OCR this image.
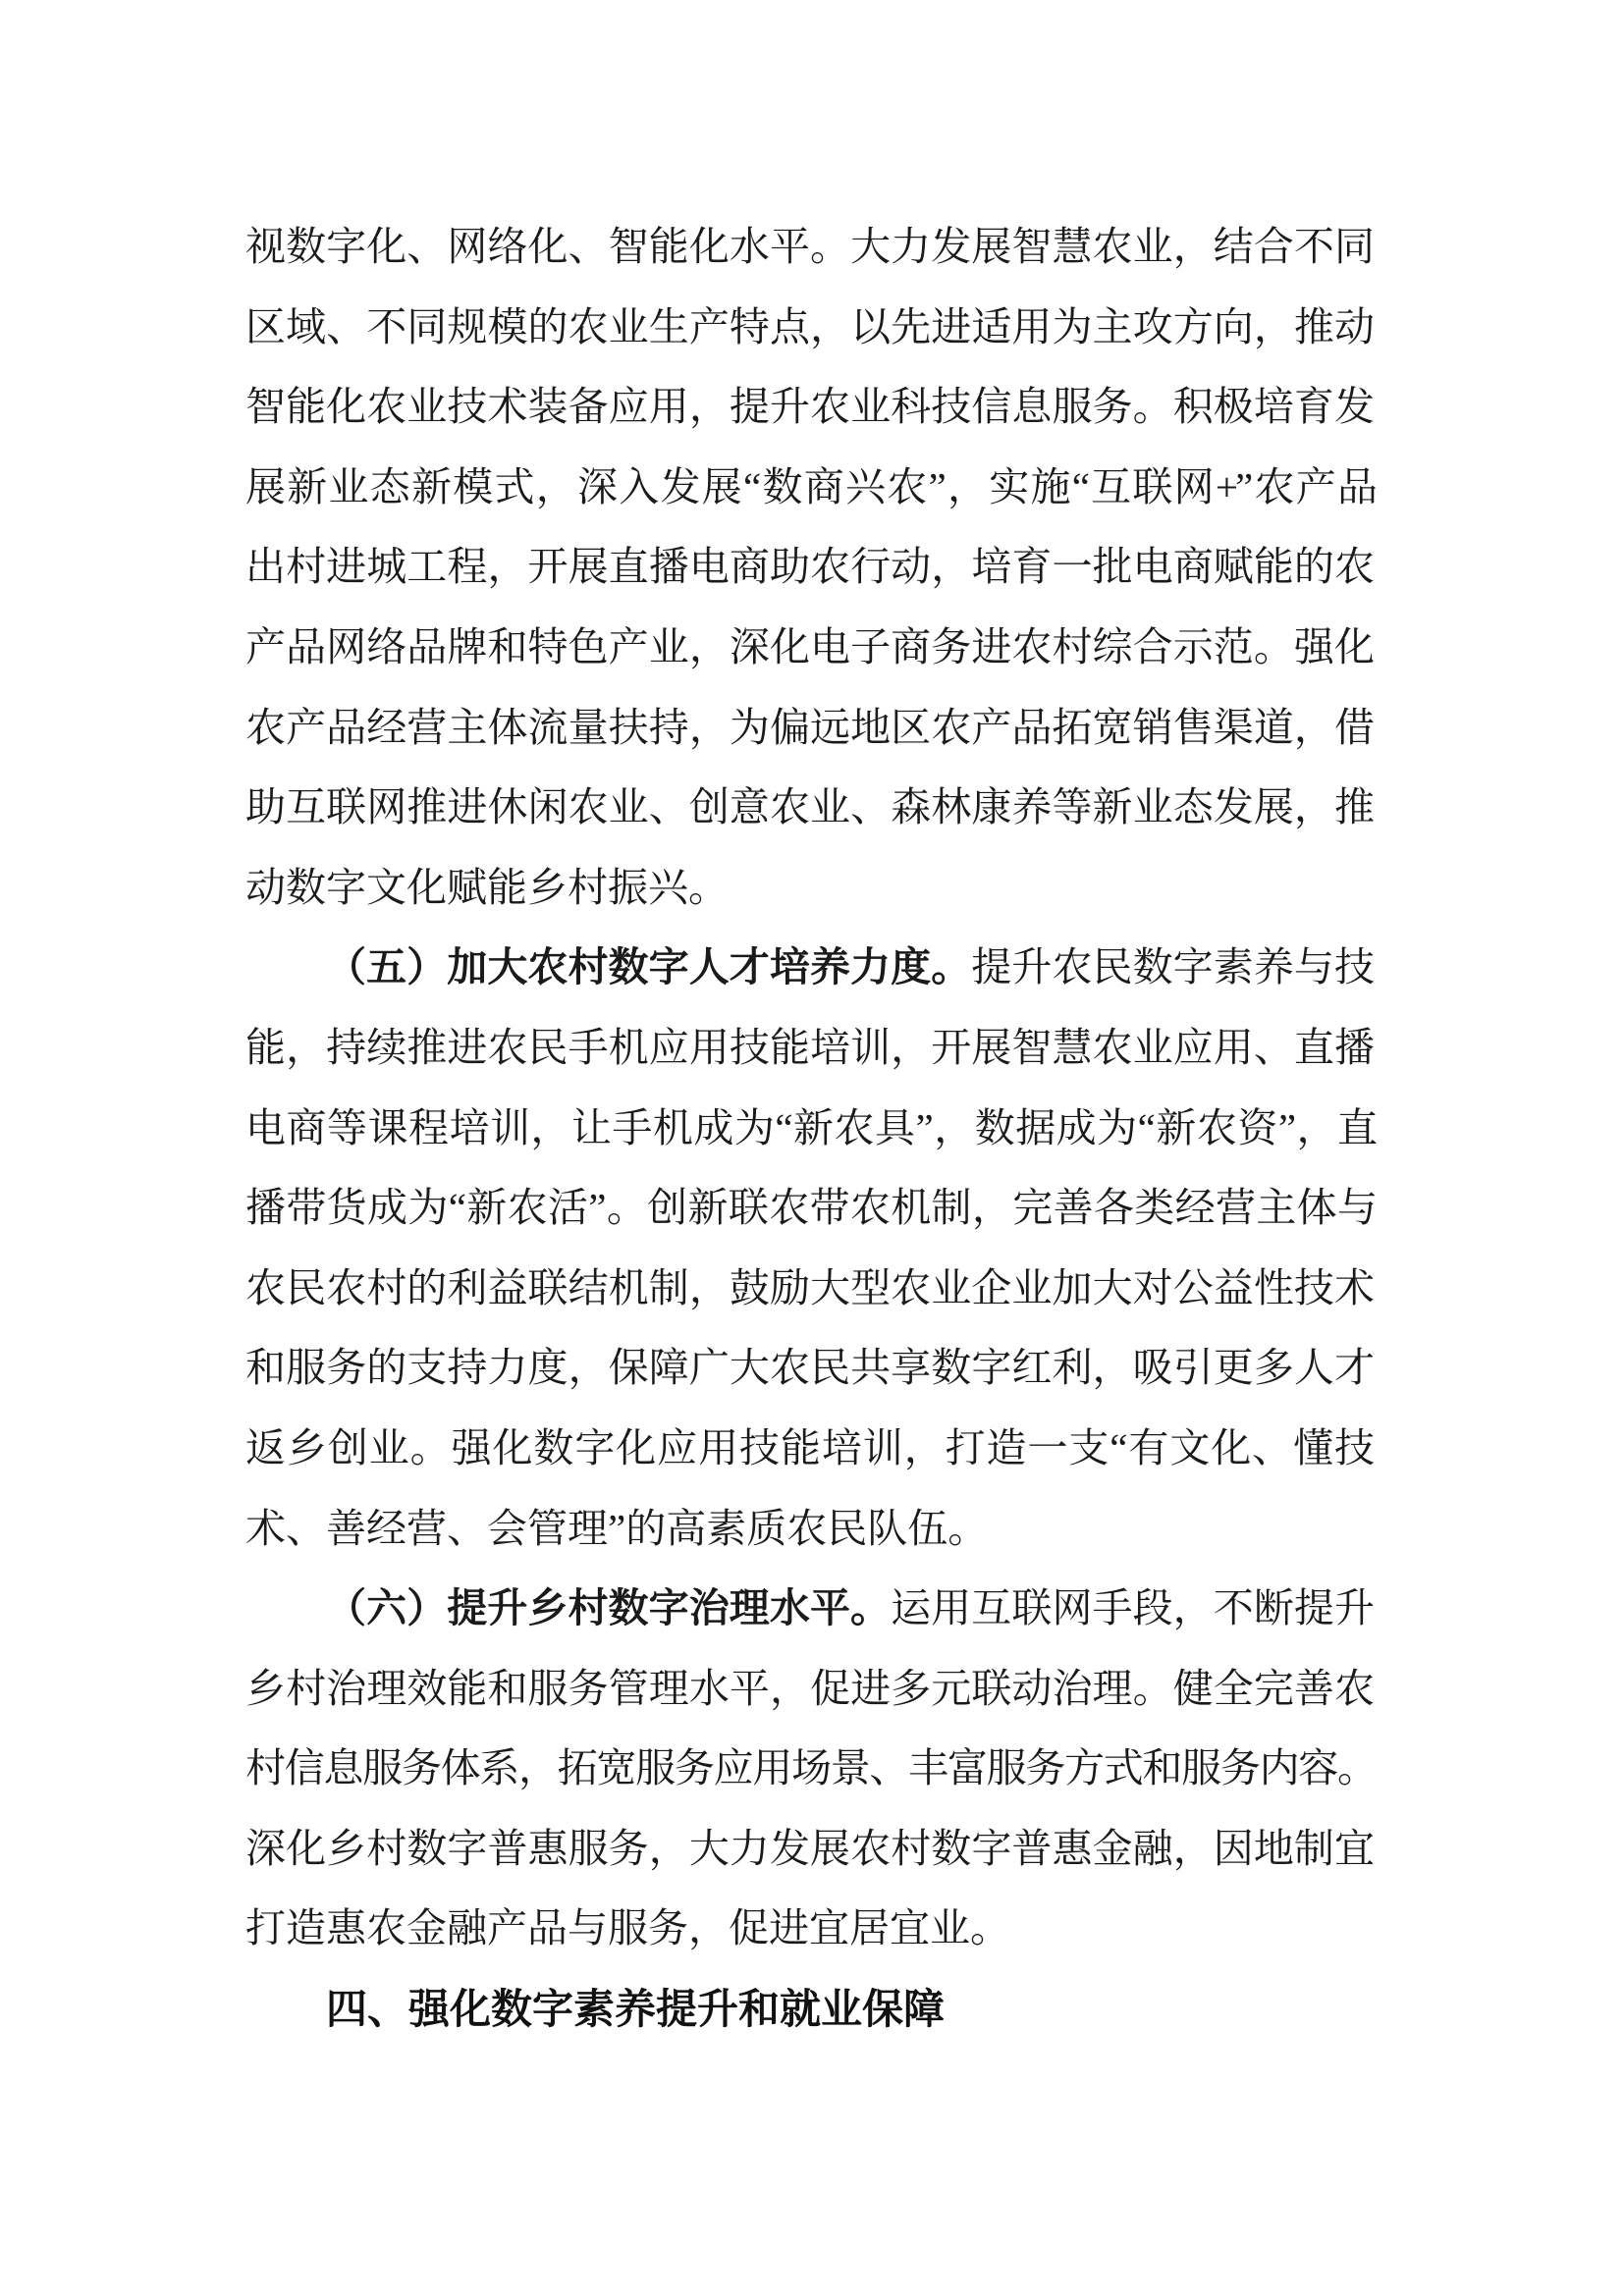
视数字化、网络化、智能化水平。大力发展智慧农业，结合不同
区域、不同规模的农业生产特点，以先进适用为主攻方向，推动
智能化农业技术装备应用，提升农业科技信息服务。积极培育发
展新业态新模式，深入发展“数商兴农”，实施“互联网+”农产品
出村进城工程，开展直播电商助农行动，培育一批电商赋能的农
产品网络品牌和特色产业，深化电子商务进农村综合示范。强化
农产品经营主体流量扶持，为偏远地区农产品拓宽销售渠道，借
助互联网推进休闲农业、创意农业、森林康养等新业态发展，推
动数字文化赋能乡村振兴。
（五）加大农村数字人才培养力度。提升农民数字素养与技
能，持续推进农民手机应用技能培训，开展智慧农业应用、直播
电商等课程培训，让手机成为“新农具”，数据成为“新农资”，直
播带货成为“新农活”。创新联农带农机制，完善各类经营主体与
农民农村的利益联结机制，鼓励大型农业企业加大对公益性技术
和服务的支持力度，保障广大农民共享数字红利，吸引更多人才
返乡创业。强化数字化应用技能培训，打造一支“有文化、懂技
术、善经营、会管理”的高素质农民队伍。
（六）提升乡村数字治理水平。运用互联网手段，不断提升
乡村治理效能和服务管理水平，促进多元联动治理。健全完善农
村信息服务体系，拓宽服务应用场景、丰富服务方式和服务内容。
深化乡村数字普惠服务，大力发展农村数字普惠金融，因地制宜
打造惠农金融产品与服务，促进宜居宜业。
四、强化数字素养提升和就业保障
